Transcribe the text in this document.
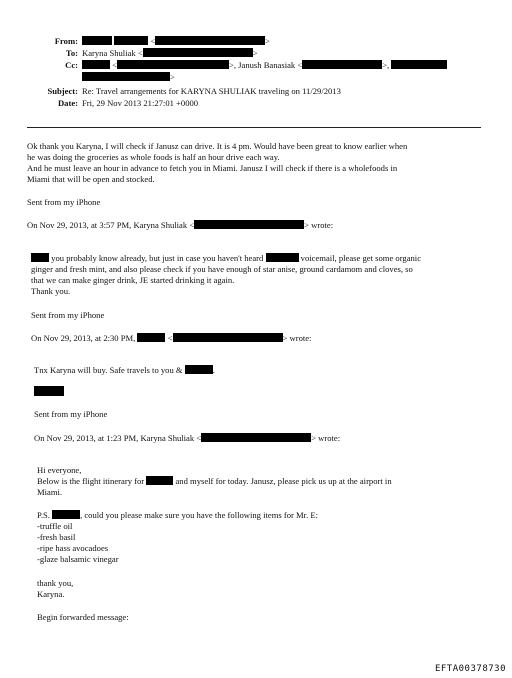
From:	<	>
To: Karyna Shuliak <	>
Cc:	<	>, Janush Banasiak <	>,
>
Subject: Re: Travel arrangements for KARYNA SHULIAK traveling on 11/29/2013
Date: Fri, 29 Nov 2013 21:27:01 +0000
Ok thank you Karyna, I will check if Janusz can drive. It is 4 pm. Would have been great to know earlier when
he was doing the groceries as whole foods is half an hour drive each way.
And he must leave an hour in advance to fetch you in Miami. Janusz I will check if there is a wholefoods in
Miami that will be open and stocked.
Sent from my iPhone
On Nov 29, 2013, at 3:57 PM, Karyna Shuliak <	> wrote:
you probably know already, but just in case you haven't heard	voicemail, please get some organic
ginger and fresh mint, and also please check if you have enough of star anise, ground cardamom and cloves, so
that we can make ginger drink, JE started drinking it again.
Thank you.
Sent from my iPhone
On Nov 29, 2013, at 2:30 PM,	<	> wrote:
Tnx Karyna will buy. Safe travels to you &	.
Sent from my iPhone
On Nov 29, 2013, at 1:23 PM, Karyna Shuliak <	> wrote:
Hi everyone,
Below is the flight itinerary for	and myself for today. Janusz, please pick us up at the airport in
Miami.
P.S.	, could you please make sure you have the following items for Mr. E:
-truffle oil
-fresh basil
-ripe hass avocadoes
-glaze balsamic vinegar
thank you,
Karyna.
Begin forwarded message:
EFTA00378730
